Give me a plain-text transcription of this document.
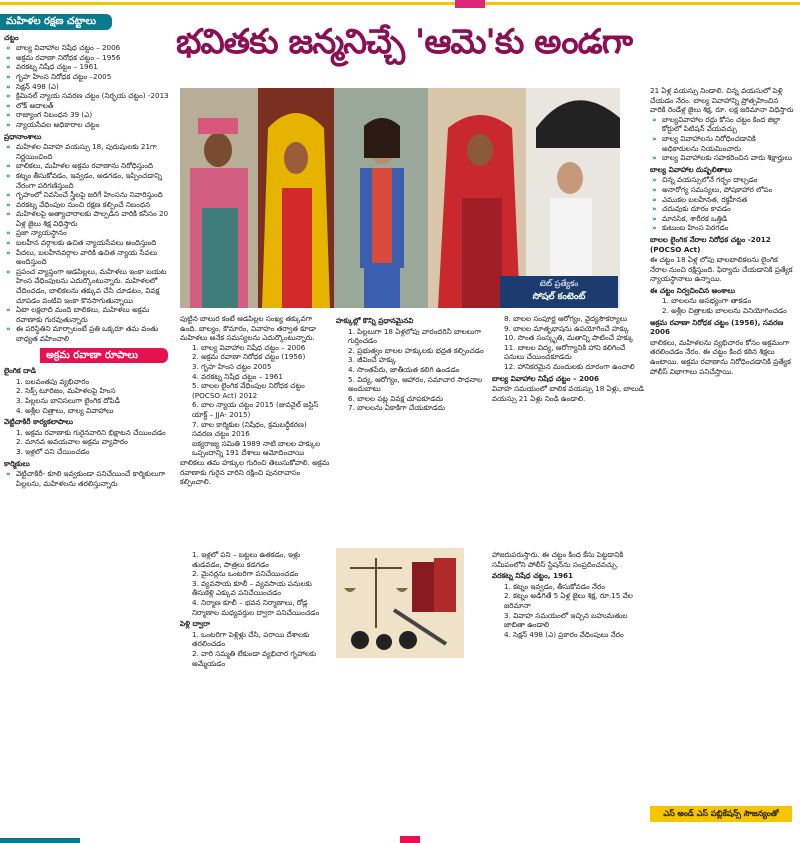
మహిళల రక్షణ చట్టాలు
చట్టం
» బాల్య వివాహాల నిషేధ చట్టం – 2006
» అక్రమ రవాణా నిరోధక చట్టం – 1956
» వరకట్న నిషేధ చట్టం – 1961
» గృహ హింస నిరోధక చట్టం –2005
» సెక్షన్ 498 (ఎ)
» క్రిమినల్ న్యాయ సవరణ చట్టం (నిర్భయ చట్టం) -2013
» లోక్ అదాలత్
» రాజ్యాంగ నిబంధన 39 (ఎ)
» న్యాయసేవల అధికారాల చట్టం
ప్రధానాంశాలు
» మహిళల వివాహ వయస్సు 18, పురుషులకు 21గా నిర్ణయించింది
» బాలికలు, మహిళల అక్రమ రవాణాను నిరోధిస్తుంది
» కట్నం తీసుకోవడం, ఇవ్వడం, అడగడం, ఇప్పించడాన్ని నేరంగా పరిగణిస్తుంది
» గృహంలో నివసించే స్త్రీలపై జరిగే హింసను నివారిస్తుంది
» వరకట్న వేధింపుల నుంచి రక్షణ కల్పించే నిబంధన
» మహిళలపై అత్యాచారాలకు పాల్పడిన వారికి కనీసం 20 ఏళ్ల జైలు శిక్ష విధిస్తారు
» ప్రజా న్యాయస్థానం
» బలహీన వర్గాలకు ఉచిత న్యాయసేవలు అందిస్తుంది
» పేదలు, బలహీనవర్గాల వారికి ఉచిత న్యాయ సేవలు అందిస్తుంది
» ప్రపంచ వ్యాప్తంగా ఆడపిల్లలు, మహిళలు ఇంకా బయట హింస వేధింపులను ఎదుర్కొంటున్నారు. మహిళలలో చేదించడం, బాలికలను తక్కువ చేసి చూడటం, వివక్ష చూపడం వంటివి ఇంకా కొనసాగుతున్నాయి
» ఏటా లక్షలాది మంది బాలికలు, మహిళలు అక్రమ రవాణాకు గురవుతున్నారు
» ఈ పరిస్థితిని మార్చాలంటే ప్రతి ఒక్కరూ తమ వంతు బాధ్యత వహించాలి
అక్రమ రవాణా రూపాలు
లైంగిక దాడి
1. బలవంతపు వ్యభిచారం
2. సెక్స్ టూరిజం, మహిళలపై హింస
3. పిల్లలను బానిసలుగా లైంగిక దోపిడీ
4. అశ్లీల చిత్రాలు, బాల్య వివాహాలు
వెట్టిచాకిరీ కార్యకలాపాలు
1. అక్రమ రవాణాకు గురైనవారిని భిక్షాటన చేయించడం
2. మానవ అవయవాల అక్రమ వ్యాపారం
3. ఇళ్లలో పని చేయించడం
కార్మికులు
» వెట్టిచాకిరీ- కూలి ఇవ్వకుండా పనిచేయించే కార్మికులుగా పిల్లలను, మహిళలను తరలిస్తున్నారు
భవితకు జన్మనిచ్చే 'ఆమె'కు అండగా
టెట్ ప్రత్యేకం
సోషల్ కంటెంట్
పుట్టిన బాలుర కంటే ఆడపిల్లల సంఖ్య తక్కువగా ఉంది. బాల్యం, కౌమారం, వివాహం తర్వాత కూడా మహిళలు అనేక సమస్యలను ఎదుర్కొంటున్నారు.
1. బాల్య వివాహాల నిషేధ చట్టం – 2006
2. అక్రమ రవాణా నిరోధక చట్టం (1956)
3. గృహ హింస చట్టం 2005
4. వరకట్న నిషేధ చట్టం – 1961
5. బాలల లైంగిక వేధింపుల నిరోధక చట్టం (POCSO Act) 2012
6. బాల న్యాయ చట్టం 2015 (జువనైల్ జస్టిస్ యాక్ట్ – JJA- 2015)
7. బాల కార్మికుల (నిషేధం, క్రమబద్ధీకరణ) సవరణ చట్టం 2016
ఐక్యరాజ్య సమితి 1989 నాటి బాలల హక్కుల ఒప్పందాన్ని 191 దేశాలు ఆమోదించాయి
బాలికలు తమ హక్కుల గురించి తెలుసుకోవాలి. అక్రమ రవాణాకు గురైన వారిని రక్షించి పునరావాసం కల్పించాలి.
1. ఇళ్లలో పని – బట్టలు ఉతకడం, ఇళ్లు తుడవడం, పాత్రలు కడగడం
2. మైనర్లను ఒంటరిగా పనిచేయించడం
3. వ్యవసాయ కూలీ – వ్యవసాయ పనులకు తీసుకెళ్లి ఎక్కువ పనిచేయించడం
4. నిర్మాణ కూలీ – భవన నిర్మాణాలు, రోడ్ల నిర్మాణాల మధ్యవర్తుల ద్వారా పనిచేయించడం
పెళ్లి ద్వారా
1. ఒంటరిగా పెళ్లిళ్లు చేసి, పరాయి దేశాలకు తరలించడం
2. వారి సమ్మతి లేకుండా వ్యభిచార గృహాలకు అమ్మేయడం
హక్కుల్లో కొన్ని ప్రధానమైనవి
1. పిల్లలుగా 18 ఏళ్లలోపు వారందరినీ బాలలుగా గుర్తించడం
2. ప్రభుత్వం బాలల హక్కులకు భద్రత కల్పించడం
3. జీవించే హక్కు
4. సొంతపేరు, జాతీయత కలిగి ఉండడం
5. విద్య, ఆరోగ్యం, ఆహారం, సమాచార సాధనాల అందుబాటు
6. బాలల పట్ల వివక్ష చూపకూడదు
7. బాలలను ఏకాకిగా చేయకూడదు
8. బాలల సంపూర్ణ ఆరోగ్యం, వైద్యసౌకర్యాలు
9. బాలల మాతృభాషను ఉపయోగించే హక్కు
10. సొంత సంస్కృతి, మతాన్ని పాటించే హక్కు
11. బాలల విద్య, ఆరోగ్యానికి హాని కలిగించే పనులు చేయించకూడదు
12. హానికరమైన మందులకు దూరంగా ఉంచాలి
బాల్య వివాహాల నిషేధ చట్టం – 2006
వివాహ సమయంలో బాలిక వయస్సు 18 ఏళ్లు, బాలుడి వయస్సు 21 ఏళ్లు నిండి ఉండాలి.
హాజరుపరుస్తారు. ఈ చట్టం కింద కేసు పెట్టడానికి సమీపంలోని పోలీస్ స్టేషన్‌ను సంప్రదించవచ్చు.
వరకట్న నిషేధ చట్టం, 1961
1. కట్నం ఇవ్వడం, తీసుకోవడం నేరం
2. కట్నం అడిగితే 5 ఏళ్ల జైలు శిక్ష, రూ.15 వేల జరిమానా
3. వివాహ సమయంలో ఇచ్చిన బహుమతుల జాబితా ఉండాలి
4. సెక్షన్ 498 (ఎ) ప్రకారం వేధింపులు నేరం
21 ఏళ్ల వయస్సు నిండాలి. చిన్న వయసులో పెళ్లి చేయడం నేరం. బాల్య వివాహాన్ని ప్రోత్సహించిన వారికి రెండేళ్ల జైలు శిక్ష, రూ. లక్ష జరిమానా విధిస్తారు
» బాల్యవివాహాల రద్దు కోసం చట్టం కింద జిల్లా కోర్టులో పిటిషన్ వేయవచ్చు
» బాల్య వివాహాలను నిరోధించడానికి అధికారులను నియమించారు
» బాల్య వివాహాలకు సహకరించిన వారు శిక్షార్హులు
బాల్య వివాహాల దుష్ఫలితాలు
» చిన్న వయస్సులోనే గర్భం దాల్చడం
» అనారోగ్య సమస్యలు, పోషకాహార లోపం
» ఎముకల బలహీనత, రక్తహీనత
» చదువుకు దూరం కావడం
» మానసిక, శారీరక ఒత్తిడి
» కుటుంబ హింస పెరగడం
బాలల లైంగిక నేరాల నిరోధక చట్టం -2012 (POCSO Act)
ఈ చట్టం 18 ఏళ్ల లోపు బాలబాలికలను లైంగిక నేరాల నుంచి రక్షిస్తుంది. ఫిర్యాదు చేయడానికి ప్రత్యేక న్యాయస్థానాలు ఉన్నాయి.
ఈ చట్టం నిర్వచించిన అంశాలు
1. బాలలను అసభ్యంగా తాకడం
2. అశ్లీల చిత్రాలకు బాలలను వినియోగించడం
అక్రమ రవాణా నిరోధక చట్టం (1956), సవరణ 2006
బాలికలు, మహిళలను వ్యభిచారం కోసం అక్రమంగా తరలించడం నేరం. ఈ చట్టం కింద కఠిన శిక్షలు ఉంటాయి. అక్రమ రవాణాను నిరోధించడానికి ప్రత్యేక పోలీస్ విభాగాలు పనిచేస్తాయి.
ఎస్ అండ్ ఎస్ పబ్లికేషన్స్ సౌజన్యంతో
